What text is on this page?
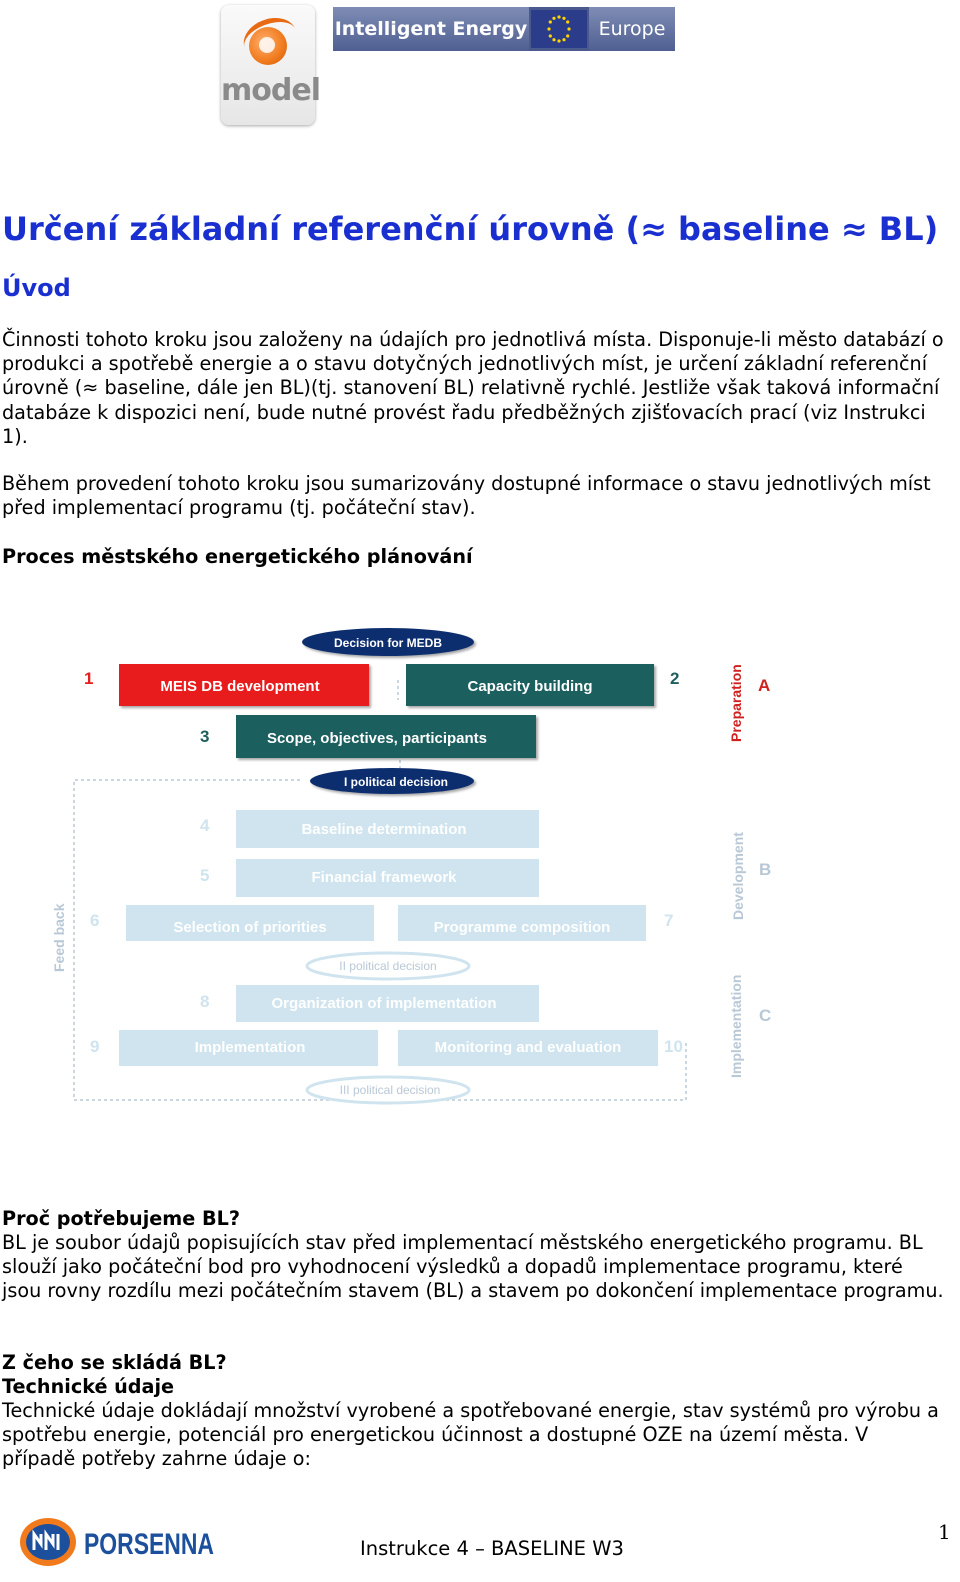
model
Intelligent Energy	Europe
Určení základní referenční úrovně (≈ baseline ≈ BL)
Úvod

Činnosti tohoto kroku jsou založeny na údajích pro jednotlivá místa. Disponuje-li město databází o produkci a spotřebě energie a o stavu dotyčných jednotlivých míst, je určení základní referenční úrovně (≈ baseline, dále jen BL)(tj. stanovení BL) relativně rychlé. Jestliže však taková informační databáze k dispozici není, bude nutné provést řadu předběžných zjišťovacích prací (viz Instrukci 1).

Během provedení tohoto kroku jsou sumarizovány dostupné informace o stavu jednotlivých míst před implementací programu (tj. počáteční stav).

Proces městského energetického plánování

Decision for MEDB
1	MEIS DB development	Capacity building	2
3	Scope, objectives, participants
I political decision
4	Baseline determination
5	Financial framework
6	Selection of priorities	Programme composition	7
II political decision
8	Organization of implementation
9	Implementation	Monitoring and evaluation	10
III political decision
Preparation A
Development B
Implementation C
Feed back

Proč potřebujeme BL?

BL je soubor údajů popisujících stav před implementací městského energetického programu. BL slouží jako počáteční bod pro vyhodnocení výsledků a dopadů implementace programu, které jsou rovny rozdílu mezi počátečním stavem (BL) a stavem po dokončení implementace programu.

Z čeho se skládá BL?

Technické údaje

Technické údaje dokládají množství vyrobené a spotřebované energie, stav systémů pro výrobu a spotřebu energie, potenciál pro energetickou účinnost a dostupné OZE na území města. V případě potřeby zahrne údaje o:

PORSENNA	Instrukce 4 – BASELINE W3
1
